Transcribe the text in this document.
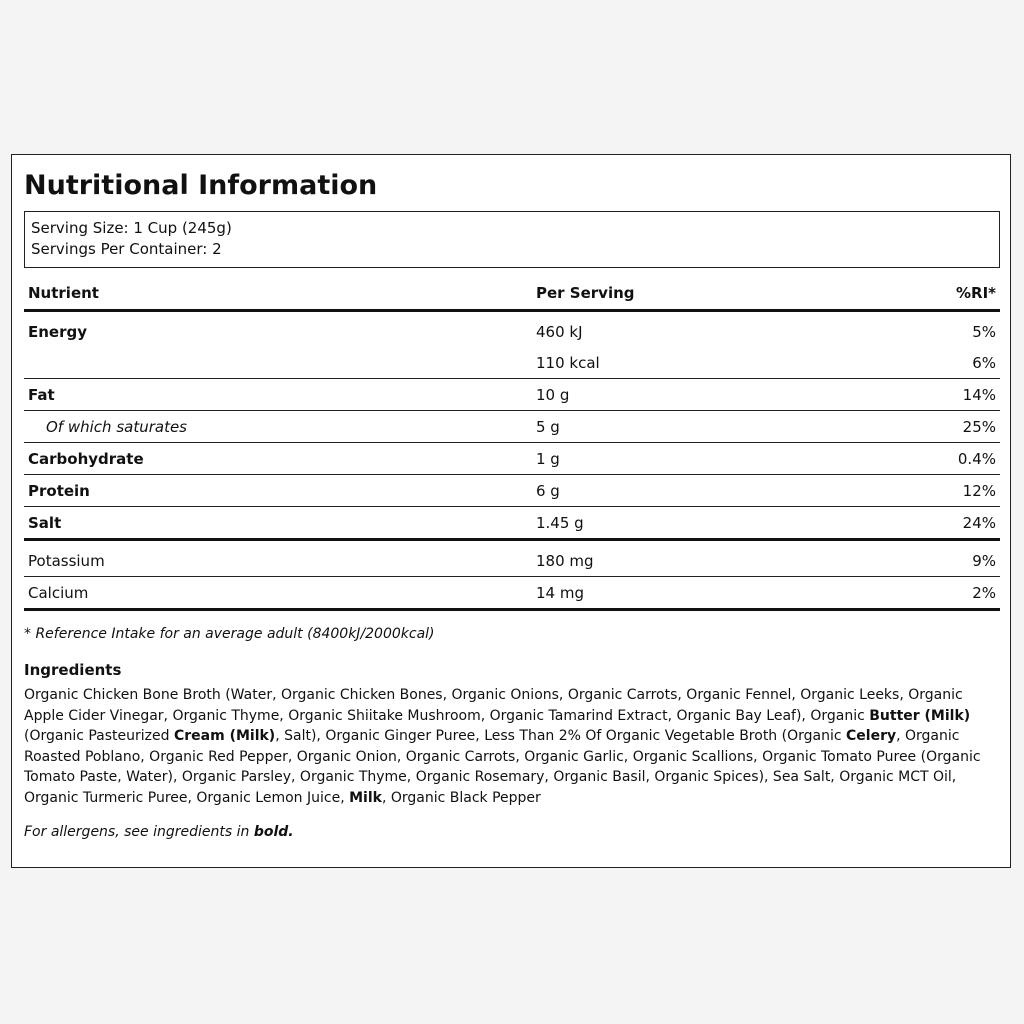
Nutritional Information
Serving Size: 1 Cup (245g)
Servings Per Container: 2
Nutrient	Per Serving	%RI*
Energy	460 kJ	5%
	110 kcal	6%
Fat	10 g	14%
Of which saturates	5 g	25%
Carbohydrate	1 g	0.4%
Protein	6 g	12%
Salt	1.45 g	24%
Potassium	180 mg	9%
Calcium	14 mg	2%
* Reference Intake for an average adult (8400kJ/2000kcal)
Ingredients
Organic Chicken Bone Broth (Water, Organic Chicken Bones, Organic Onions, Organic Carrots, Organic Fennel, Organic Leeks, Organic Apple Cider Vinegar, Organic Thyme, Organic Shiitake Mushroom, Organic Tamarind Extract, Organic Bay Leaf), Organic Butter (Milk) (Organic Pasteurized Cream (Milk), Salt), Organic Ginger Puree, Less Than 2% Of Organic Vegetable Broth (Organic Celery, Organic Roasted Poblano, Organic Red Pepper, Organic Onion, Organic Carrots, Organic Garlic, Organic Scallions, Organic Tomato Puree (Organic Tomato Paste, Water), Organic Parsley, Organic Thyme, Organic Rosemary, Organic Basil, Organic Spices), Sea Salt, Organic MCT Oil, Organic Turmeric Puree, Organic Lemon Juice, Milk, Organic Black Pepper
For allergens, see ingredients in bold.
